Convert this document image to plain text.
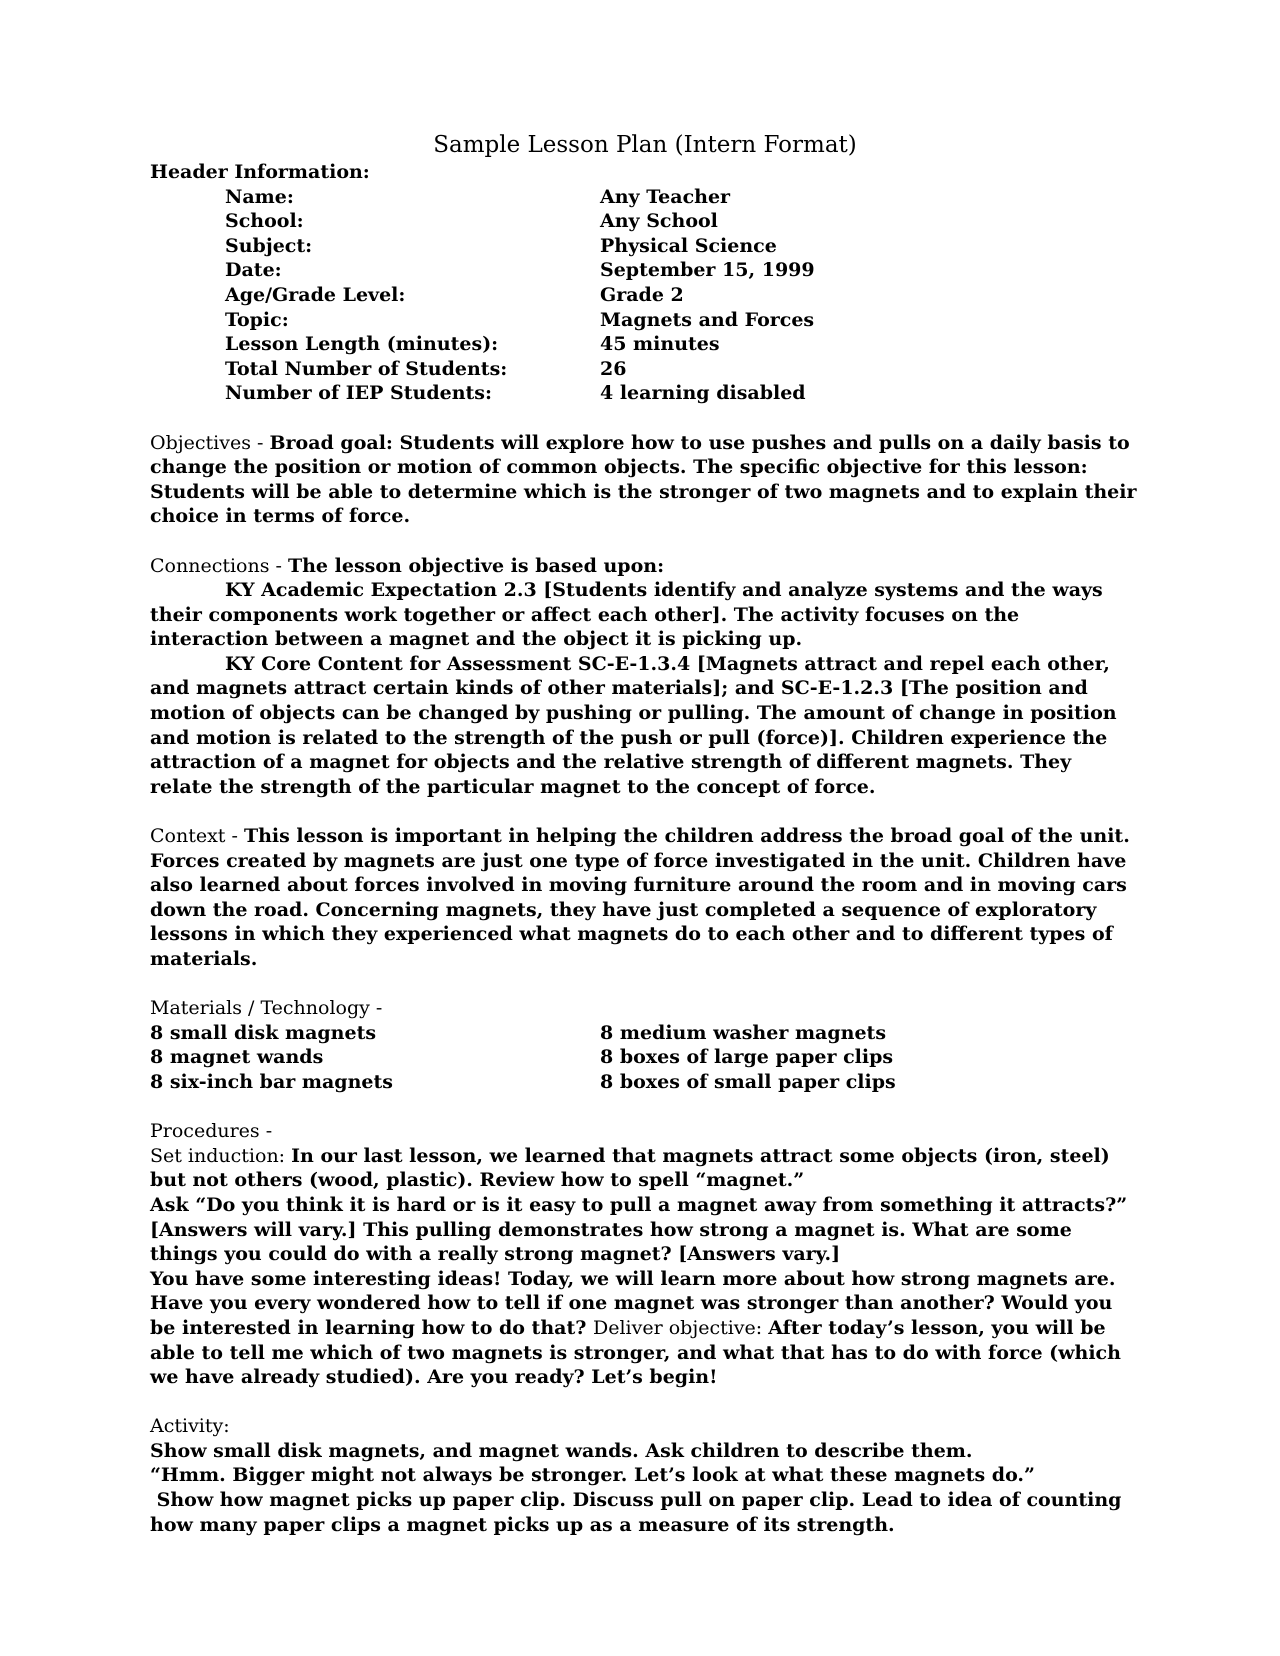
Sample Lesson Plan (Intern Format)
Header Information:
Name:	Any Teacher
School:	Any School
Subject:	Physical Science
Date:	September 15, 1999
Age/Grade Level:	Grade 2
Topic:	Magnets and Forces
Lesson Length (minutes):	45 minutes
Total Number of Students:	26
Number of IEP Students:	4 learning disabled

Objectives - Broad goal: Students will explore how to use pushes and pulls on a daily basis to change the position or motion of common objects. The specific objective for this lesson: Students will be able to determine which is the stronger of two magnets and to explain their choice in terms of force.

Connections - The lesson objective is based upon:

KY Academic Expectation 2.3 [Students identify and analyze systems and the ways their components work together or affect each other]. The activity focuses on the interaction between a magnet and the object it is picking up.

KY Core Content for Assessment SC-E-1.3.4 [Magnets attract and repel each other, and magnets attract certain kinds of other materials]; and SC-E-1.2.3 [The position and motion of objects can be changed by pushing or pulling. The amount of change in position and motion is related to the strength of the push or pull (force)]. Children experience the attraction of a magnet for objects and the relative strength of different magnets. They relate the strength of the particular magnet to the concept of force.

Context - This lesson is important in helping the children address the broad goal of the unit. Forces created by magnets are just one type of force investigated in the unit. Children have also learned about forces involved in moving furniture around the room and in moving cars down the road. Concerning magnets, they have just completed a sequence of exploratory lessons in which they experienced what magnets do to each other and to different types of materials.

Materials / Technology -
8 small disk magnets	8 medium washer magnets
8 magnet wands	8 boxes of large paper clips
8 six-inch bar magnets	8 boxes of small paper clips
Procedures -

Set induction: In our last lesson, we learned that magnets attract some objects (iron, steel) but not others (wood, plastic). Review how to spell “magnet.”

Ask “Do you think it is hard or is it easy to pull a magnet away from something it attracts?” [Answers will vary.] This pulling demonstrates how strong a magnet is. What are some things you could do with a really strong magnet? [Answers vary.]

You have some interesting ideas! Today, we will learn more about how strong magnets are. Have you every wondered how to tell if one magnet was stronger than another? Would you be interested in learning how to do that? Deliver objective: After today’s lesson, you will be able to tell me which of two magnets is stronger, and what that has to do with force (which we have already studied). Are you ready? Let’s begin!

Activity:

Show small disk magnets, and magnet wands. Ask children to describe them.

“Hmm. Bigger might not always be stronger. Let’s look at what these magnets do.”

Show how magnet picks up paper clip. Discuss pull on paper clip. Lead to idea of counting how many paper clips a magnet picks up as a measure of its strength.
